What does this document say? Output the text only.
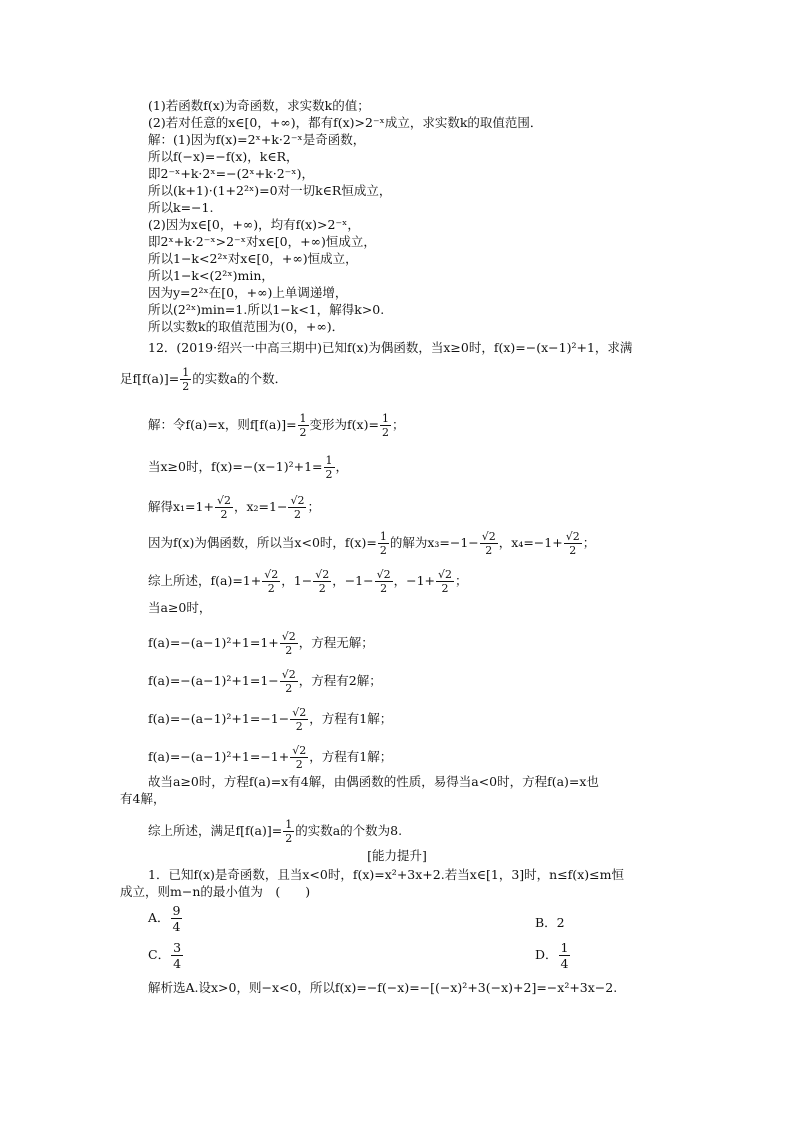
(1)若函数f(x)为奇函数，求实数k的值；
(2)若对任意的x∈[0，+∞)，都有f(x)>2⁻ˣ成立，求实数k的取值范围．
解：(1)因为f(x)=2ˣ+k·2⁻ˣ是奇函数，
所以f(−x)=−f(x)，k∈R，
即2⁻ˣ+k·2ˣ=−(2ˣ+k·2⁻ˣ)，
所以(k+1)·(1+2²ˣ)=0对一切k∈R恒成立，
所以k=−1.
(2)因为x∈[0，+∞)，均有f(x)>2⁻ˣ，
即2ˣ+k·2⁻ˣ>2⁻ˣ对x∈[0，+∞)恒成立，
所以1−k<2²ˣ对x∈[0，+∞)恒成立，
所以1−k<(2²ˣ)min，
因为y=2²ˣ在[0，+∞)上单调递增，
所以(2²ˣ)min=1.所以1−k<1，解得k>0.
所以实数k的取值范围为(0，+∞)．
12．(2019·绍兴一中高三期中)已知f(x)为偶函数，当x≥0时，f(x)=−(x−1)²+1，求满
足$f[f(a)]= \frac{1}{2}$ 的实数a的个数．
解：令f(a)=x，则$f[f(a)]= \frac{1}{2}$ 变形为$f(x)= \frac{1}{2}$ ；
当x≥0时，$f(x)=-(x-1)^2+1= \frac{1}{2}$ ，
解得$x_1=1+ \frac{√2}{2}$ ，$x_2=1- \frac{√2}{2}$ ；
因为f(x)为偶函数，所以当x<0时，$f(x)= \frac{1}{2}$ 的解为$x_3=-1- \frac{√2}{2}$ ，$x_4=-1+ \frac{√2}{2}$ ；
综上所述，$f(a)=1+ \frac{√2}{2}$ ，$1- \frac{√2}{2}$ ，$-1- \frac{√2}{2}$ ，$-1+ \frac{√2}{2}$ ；
当a≥0时，
$f(a)=-(a-1)^2+1=1+ \frac{√2}{2}$ ，方程无解；
$f(a)=-(a-1)^2+1=1- \frac{√2}{2}$ ，方程有2解；
$f(a)=-(a-1)^2+1=-1- \frac{√2}{2}$ ，方程有1解；
$f(a)=-(a-1)^2+1=-1+ \frac{√2}{2}$ ，方程有1解；
故当a≥0时，方程f(a)=x有4解，由偶函数的性质，易得当a<0时，方程f(a)=x也
有4解，
综上所述，满足$f[f(a)]= \frac{1}{2}$ 的实数a的个数为8.
[能力提升]
1．已知f(x)是奇函数，且当x<0时，f(x)=x²+3x+2.若当x∈[1，3]时，n≤f(x)≤m恒
成立，则m−n的最小值为　(　　)
A． $\frac{9}{4}$	B．2
C． $\frac{3}{4}$	D． $\frac{1}{4}$
解析选A.设x>0，则−x<0，所以f(x)=−f(−x)=−[(−x)²+3(−x)+2]=−x²+3x−2.
